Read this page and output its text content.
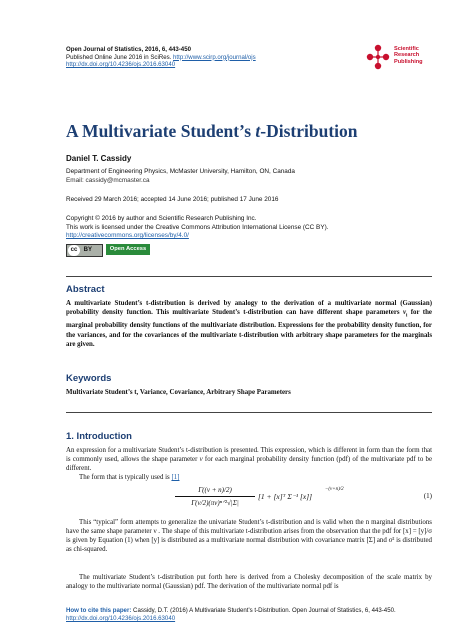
Open Journal of Statistics, 2016, 6, 443-450
Published Online June 2016 in SciRes. http://www.scirp.org/journal/ojs
http://dx.doi.org/10.4236/ojs.2016.63040
Scientific
Research
Publishing
A Multivariate Student’s t-Distribution
Daniel T. Cassidy
Department of Engineering Physics, McMaster University, Hamilton, ON, Canada
Email: cassidy@mcmaster.ca
Received 29 March 2016; accepted 14 June 2016; published 17 June 2016
Copyright © 2016 by author and Scientific Research Publishing Inc.
This work is licensed under the Creative Commons Attribution International License (CC BY).
http://creativecommons.org/licenses/by/4.0/
cc BY	Open Access
Abstract
A multivariate Student’s t-distribution is derived by analogy to the derivation of a multivariate normal (Gaussian) probability density function. This multivariate Student’s t-distribution can have different shape parameters $\nu_i$ for the marginal probability density functions of the multivariate distribution. Expressions for the probability density function, for the variances, and for the covariances of the multivariate t-distribution with arbitrary shape parameters for the marginals are given.
Keywords
Multivariate Student’s t, Variance, Covariance, Arbitrary Shape Parameters
1. Introduction
An expression for a multivariate Student’s t-distribution is presented. This expression, which is different in form than the form that is commonly used, allows the shape parameter ν for each marginal probability density function (pdf) of the multivariate pdf to be different.
The form that is typically used is [1]
Γ((ν + n)/2)
Γ(ν/2)(πν)ⁿᐟ²√|Σ|
[1 + [x]ᵀ Σ⁻¹ [x]]
−(ν+n)/2
(1)
This “typical” form attempts to generalize the univariate Student’s t-distribution and is valid when the n marginal distributions have the same shape parameter ν . The shape of this multivariate t-distribution arises from the observation that the pdf for [x] = [y]/σ is given by Equation (1) when [y] is distributed as a multivariate normal distribution with covariance matrix [Σ] and σ² is distributed as chi-squared.
The multivariate Student’s t-distribution put forth here is derived from a Cholesky decomposition of the scale matrix by analogy to the multivariate normal (Gaussian) pdf. The derivation of the multivariate normal pdf is
How to cite this paper: Cassidy, D.T. (2016) A Multivariate Student’s t-Distribution. Open Journal of Statistics, 6, 443-450.
http://dx.doi.org/10.4236/ojs.2016.63040
